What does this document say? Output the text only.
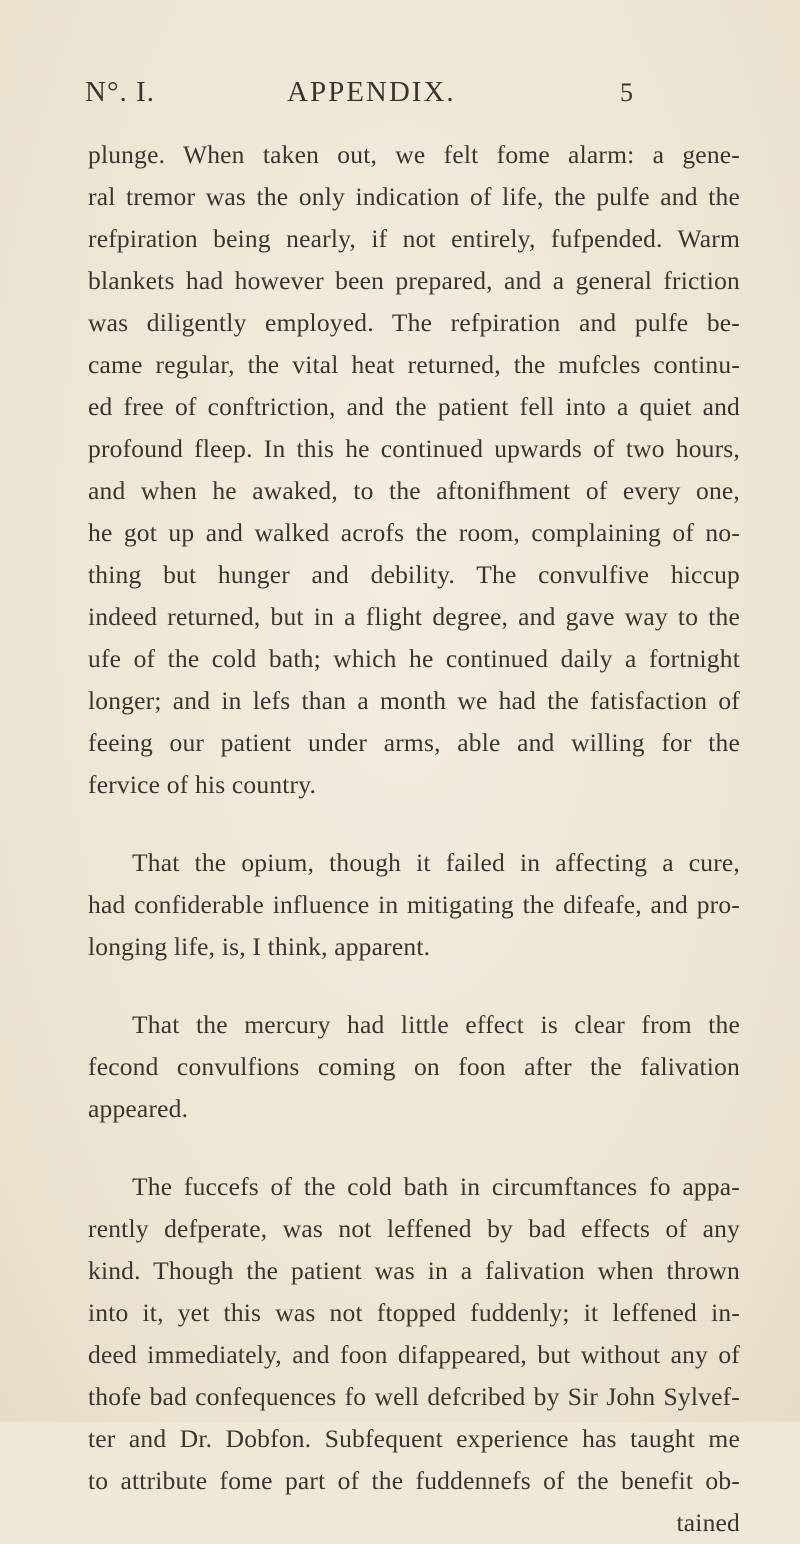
N°. I.	APPENDIX.	5
plunge. When taken out, we felt fome alarm: a gene-
ral tremor was the only indication of life, the pulfe and the
refpiration being nearly, if not entirely, fufpended. Warm
blankets had however been prepared, and a general friction
was diligently employed. The refpiration and pulfe be-
came regular, the vital heat returned, the mufcles continu-
ed free of conftriction, and the patient fell into a quiet and
profound fleep. In this he continued upwards of two hours,
and when he awaked, to the aftonifhment of every one,
he got up and walked acrofs the room, complaining of no-
thing but hunger and debility. The convulfive hiccup
indeed returned, but in a flight degree, and gave way to the
ufe of the cold bath; which he continued daily a fortnight
longer; and in lefs than a month we had the fatisfaction of
feeing our patient under arms, able and willing for the
fervice of his country.
That the opium, though it failed in affecting a cure,
had confiderable influence in mitigating the difeafe, and pro-
longing life, is, I think, apparent.
That the mercury had little effect is clear from the
fecond convulfions coming on foon after the falivation
appeared.
The fuccefs of the cold bath in circumftances fo appa-
rently defperate, was not leffened by bad effects of any
kind. Though the patient was in a falivation when thrown
into it, yet this was not ftopped fuddenly; it leffened in-
deed immediately, and foon difappeared, but without any of
thofe bad confequences fo well defcribed by Sir John Sylvef-
ter and Dr. Dobfon. Subfequent experience has taught me
to attribute fome part of the fuddennefs of the benefit ob-
tained
